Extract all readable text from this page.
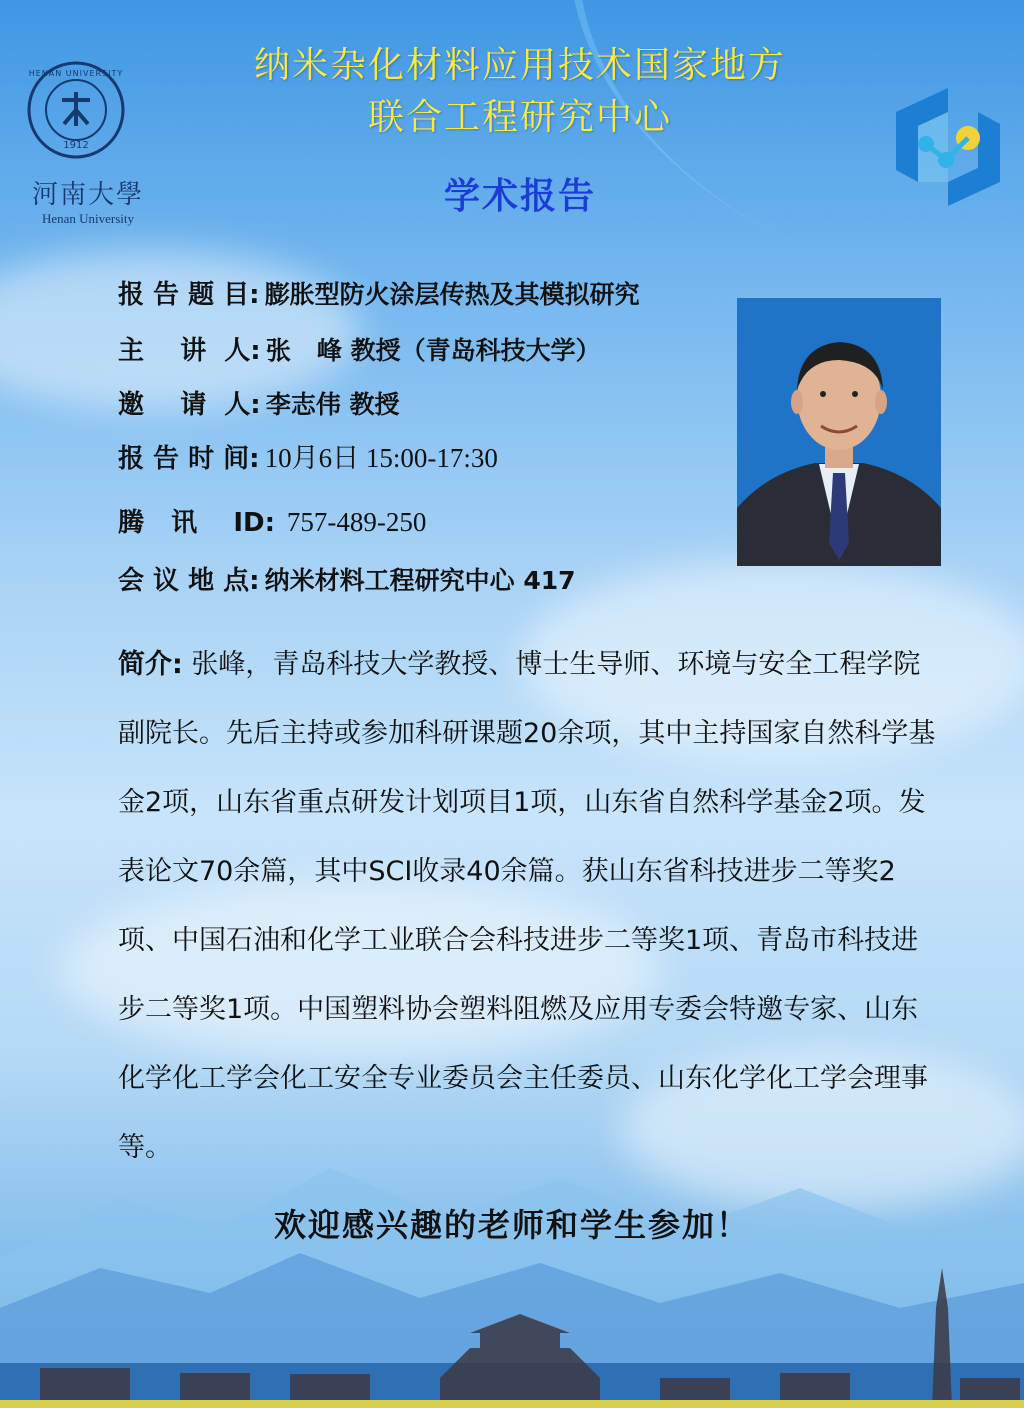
1912
HENAN UNIVERSITY
河南大學
Henan University
纳米杂化材料应用技术国家地方
联合工程研究中心
学术报告
报 告 题 目: 膨胀型防火涂层传热及其模拟研究
主    讲  人: 张   峰 教授（青岛科技大学）
邀    请  人: 李志伟 教授
报 告 时 间: 10月6日 15:00-17:30
腾   讯    ID:  757-489-250
会 议 地 点: 纳米材料工程研究中心 417
简介: 张峰，青岛科技大学教授、博士生导师、环境与安全工程学院副院长。先后主持或参加科研课题20余项，其中主持国家自然科学基金2项，山东省重点研发计划项目1项，山东省自然科学基金2项。发表论文70余篇，其中SCI收录40余篇。获山东省科技进步二等奖2项、中国石油和化学工业联合会科技进步二等奖1项、青岛市科技进步二等奖1项。中国塑料协会塑料阻燃及应用专委会特邀专家、山东化学化工学会化工安全专业委员会主任委员、山东化学化工学会理事等。
欢迎感兴趣的老师和学生参加！
